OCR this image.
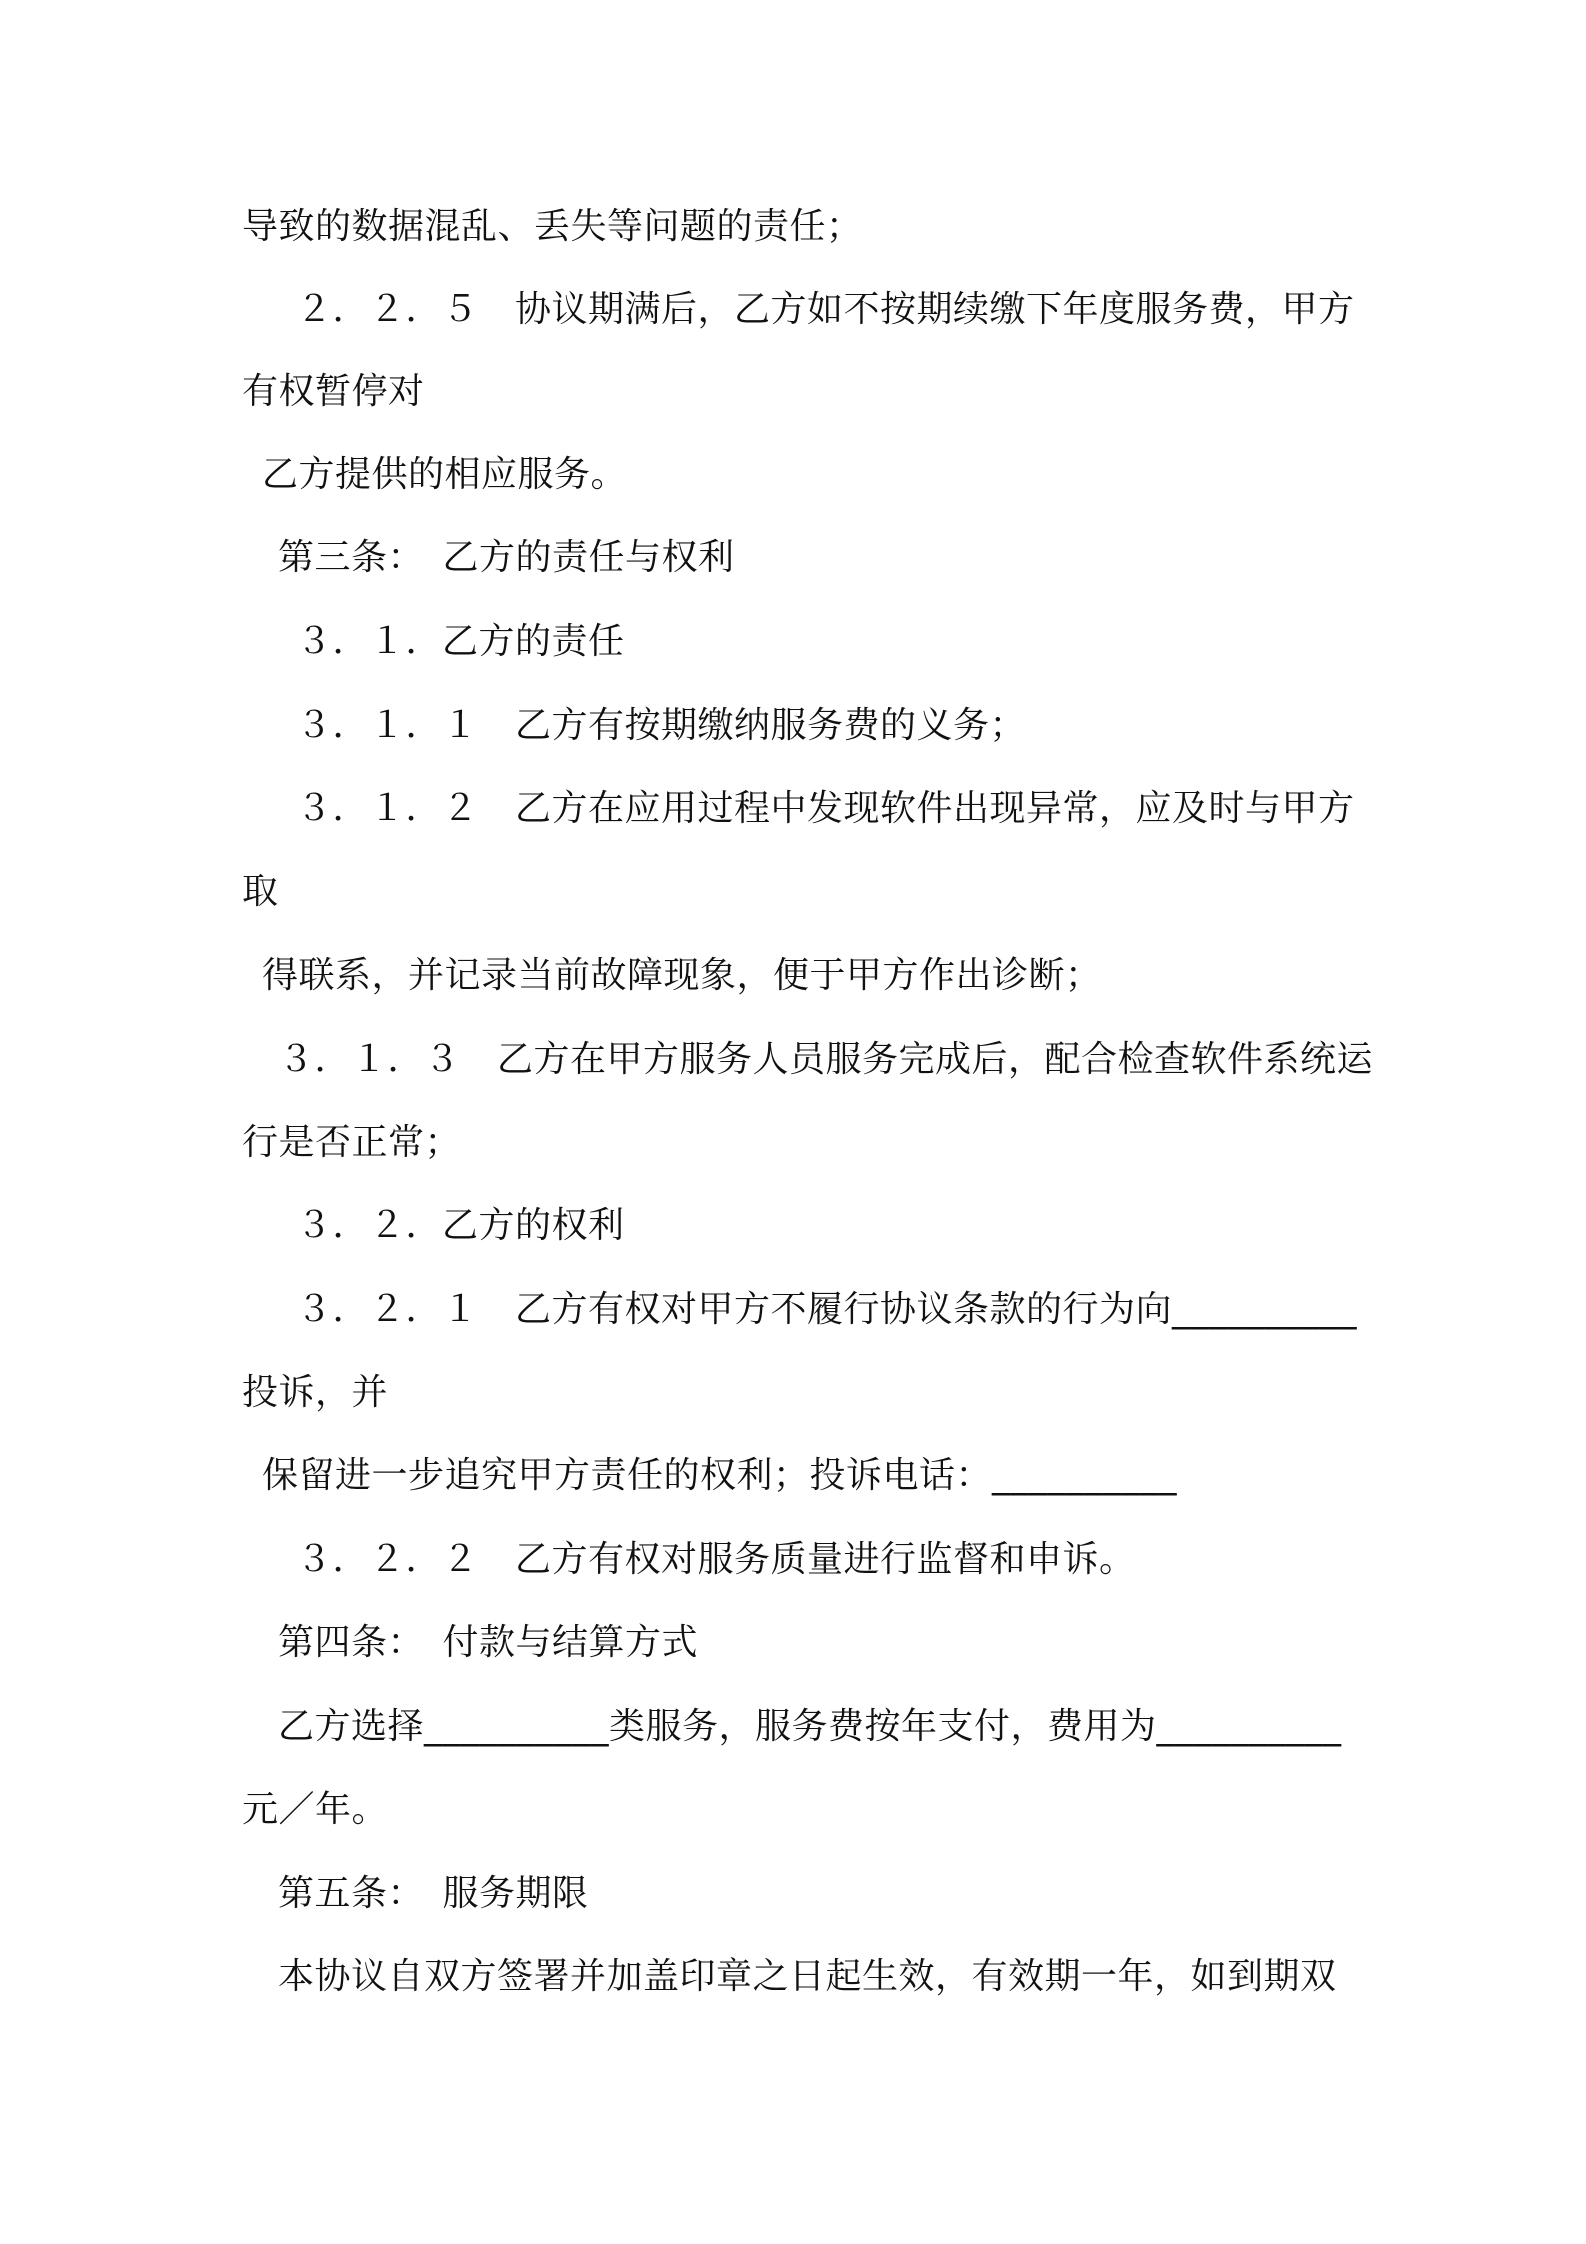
导致的数据混乱、丢失等问题的责任；
２．２．５　协议期满后，乙方如不按期续缴下年度服务费，甲方
有权暂停对
乙方提供的相应服务。
第三条：　乙方的责任与权利
３．１．乙方的责任
３．１．１　乙方有按期缴纳服务费的义务；
３．１．２　乙方在应用过程中发现软件出现异常，应及时与甲方
取
得联系，并记录当前故障现象，便于甲方作出诊断；
３．１．３　乙方在甲方服务人员服务完成后，配合检查软件系统运
行是否正常；
３．２．乙方的权利
３．２．１　乙方有权对甲方不履行协议条款的行为向__________
投诉，并
保留进一步追究甲方责任的权利；投诉电话：__________
３．２．２　乙方有权对服务质量进行监督和申诉。
第四条：　付款与结算方式
乙方选择__________类服务，服务费按年支付，费用为__________
元／年。
第五条：　服务期限
本协议自双方签署并加盖印章之日起生效，有效期一年，如到期双
